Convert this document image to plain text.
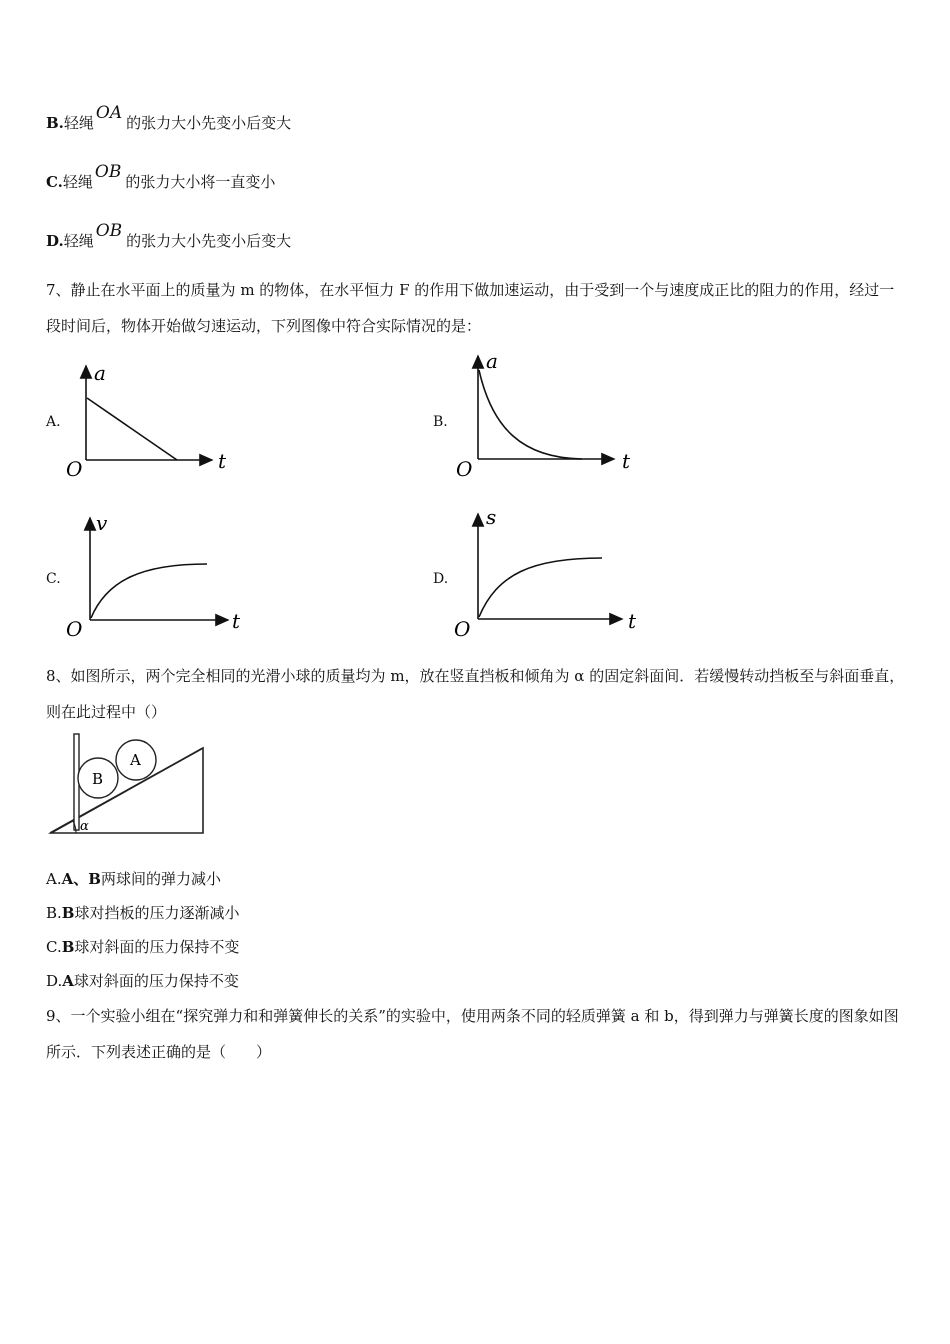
B.轻绳 OA 的张力大小先变小后变大
C.轻绳 OB 的张力大小将一直变小
D.轻绳 OB 的张力大小先变小后变大
7、静止在水平面上的质量为 m 的物体，在水平恒力 F 的作用下做加速运动，由于受到一个与速度成正比的阻力的作用，经过一段时间后，物体开始做匀速运动，下列图像中符合实际情况的是：
A.
a
t
O
B.
a
t
O
C.
v
t
O
D.
s
t
O
8、如图所示，两个完全相同的光滑小球的质量均为 m，放在竖直挡板和倾角为 α 的固定斜面间．若缓慢转动挡板至与斜面垂直，则在此过程中（）
B
A
α
A.A、B两球间的弹力减小
B.B球对挡板的压力逐渐减小
C.B球对斜面的压力保持不变
D.A球对斜面的压力保持不变
9、一个实验小组在“探究弹力和和弹簧伸长的关系”的实验中，使用两条不同的轻质弹簧 a 和 b，得到弹力与弹簧长度的图象如图所示．下列表述正确的是（　　）
